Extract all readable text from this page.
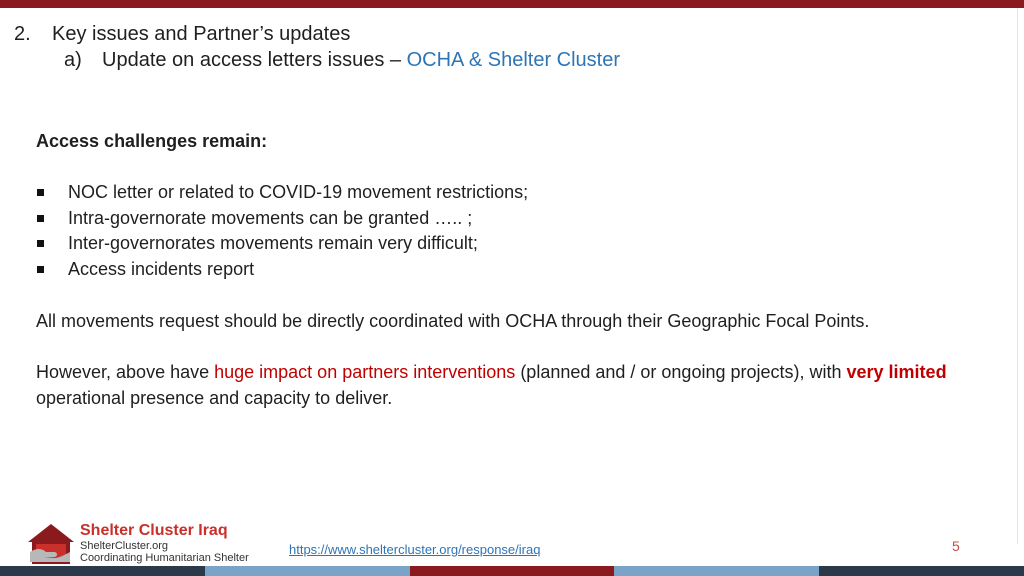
2. Key issues and Partner’s updates
a) Update on access letters issues – OCHA & Shelter Cluster

Access challenges remain:

NOC letter or related to COVID-19 movement restrictions;
Intra-governorate movements can be granted ….. ;
Inter-governorates movements remain very difficult;
Access incidents report

All movements request should be directly coordinated with OCHA through their Geographic Focal Points.

However, above have huge impact on partners interventions (planned and / or ongoing projects), with very limited operational presence and capacity to deliver.

Shelter Cluster Iraq
ShelterCluster.org
Coordinating Humanitarian Shelter
https://www.sheltercluster.org/response/iraq	5
